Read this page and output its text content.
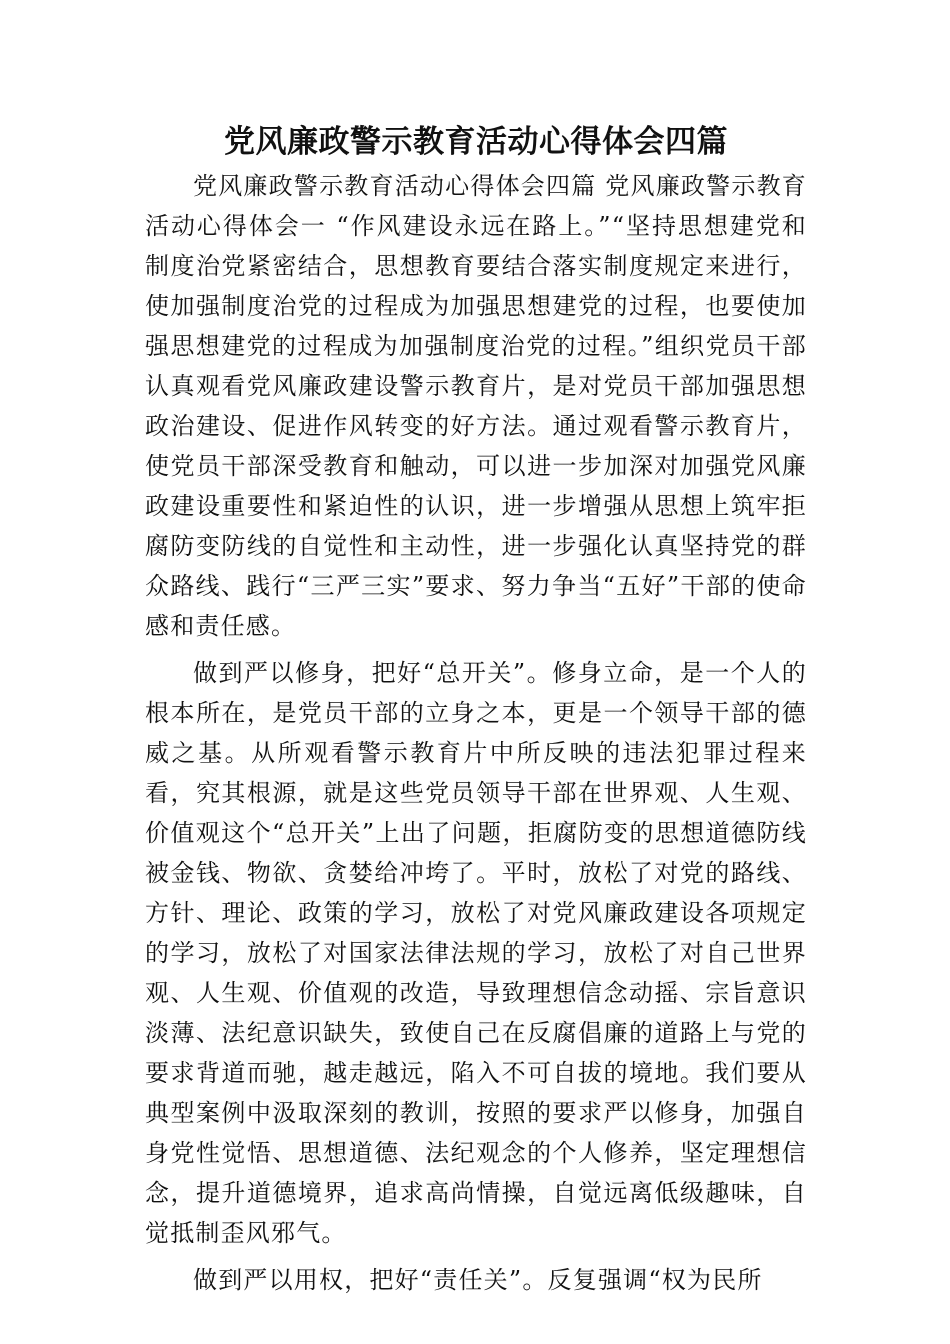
党风廉政警示教育活动心得体会四篇

党风廉政警示教育活动心得体会四篇 党风廉政警示教育活动心得体会一 “作风建设永远在路上。”“坚持思想建党和制度治党紧密结合，思想教育要结合落实制度规定来进行，使加强制度治党的过程成为加强思想建党的过程，也要使加强思想建党的过程成为加强制度治党的过程。”组织党员干部认真观看党风廉政建设警示教育片，是对党员干部加强思想政治建设、促进作风转变的好方法。通过观看警示教育片，使党员干部深受教育和触动，可以进一步加深对加强党风廉政建设重要性和紧迫性的认识，进一步增强从思想上筑牢拒腐防变防线的自觉性和主动性，进一步强化认真坚持党的群众路线、践行“三严三实”要求、努力争当“五好”干部的使命感和责任感。

做到严以修身，把好“总开关”。修身立命，是一个人的根本所在，是党员干部的立身之本，更是一个领导干部的德威之基。从所观看警示教育片中所反映的违法犯罪过程来看，究其根源，就是这些党员领导干部在世界观、人生观、价值观这个“总开关”上出了问题，拒腐防变的思想道德防线被金钱、物欲、贪婪给冲垮了。平时，放松了对党的路线、方针、理论、政策的学习，放松了对党风廉政建设各项规定的学习，放松了对国家法律法规的学习，放松了对自己世界观、人生观、价值观的改造，导致理想信念动摇、宗旨意识淡薄、法纪意识缺失，致使自己在反腐倡廉的道路上与党的要求背道而驰，越走越远，陷入不可自拔的境地。我们要从典型案例中汲取深刻的教训，按照的要求严以修身，加强自身党性觉悟、思想道德、法纪观念的个人修养，坚定理想信念，提升道德境界，追求高尚情操，自觉远离低级趣味，自觉抵制歪风邪气。

做到严以用权，把好“责任关”。反复强调“权为民所
